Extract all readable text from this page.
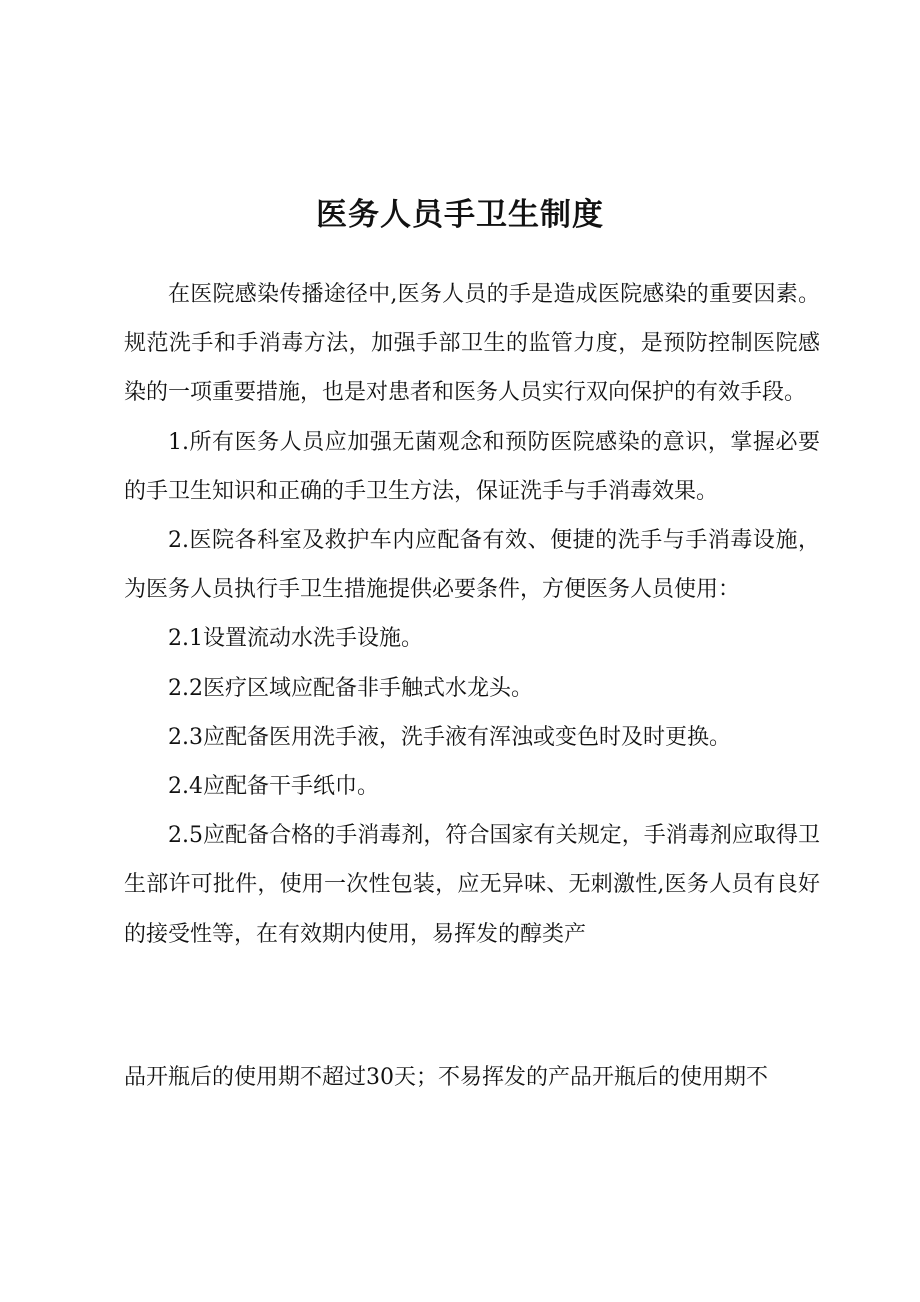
医务人员手卫生制度

在医院感染传播途径中,医务人员的手是造成医院感染的重要因素。规范洗手和手消毒方法，加强手部卫生的监管力度，是预防控制医院感染的一项重要措施，也是对患者和医务人员实行双向保护的有效手段。

1.所有医务人员应加强无菌观念和预防医院感染的意识，掌握必要的手卫生知识和正确的手卫生方法，保证洗手与手消毒效果。

2.医院各科室及救护车内应配备有效、便捷的洗手与手消毒设施，为医务人员执行手卫生措施提供必要条件，方便医务人员使用：

2.1设置流动水洗手设施。

2.2医疗区域应配备非手触式水龙头。

2.3应配备医用洗手液，洗手液有浑浊或变色时及时更换。

2.4应配备干手纸巾。

2.5应配备合格的手消毒剂，符合国家有关规定，手消毒剂应取得卫生部许可批件，使用一次性包装，应无异味、无刺激性,医务人员有良好的接受性等，在有效期内使用，易挥发的醇类产

品开瓶后的使用期不超过30天；不易挥发的产品开瓶后的使用期不
